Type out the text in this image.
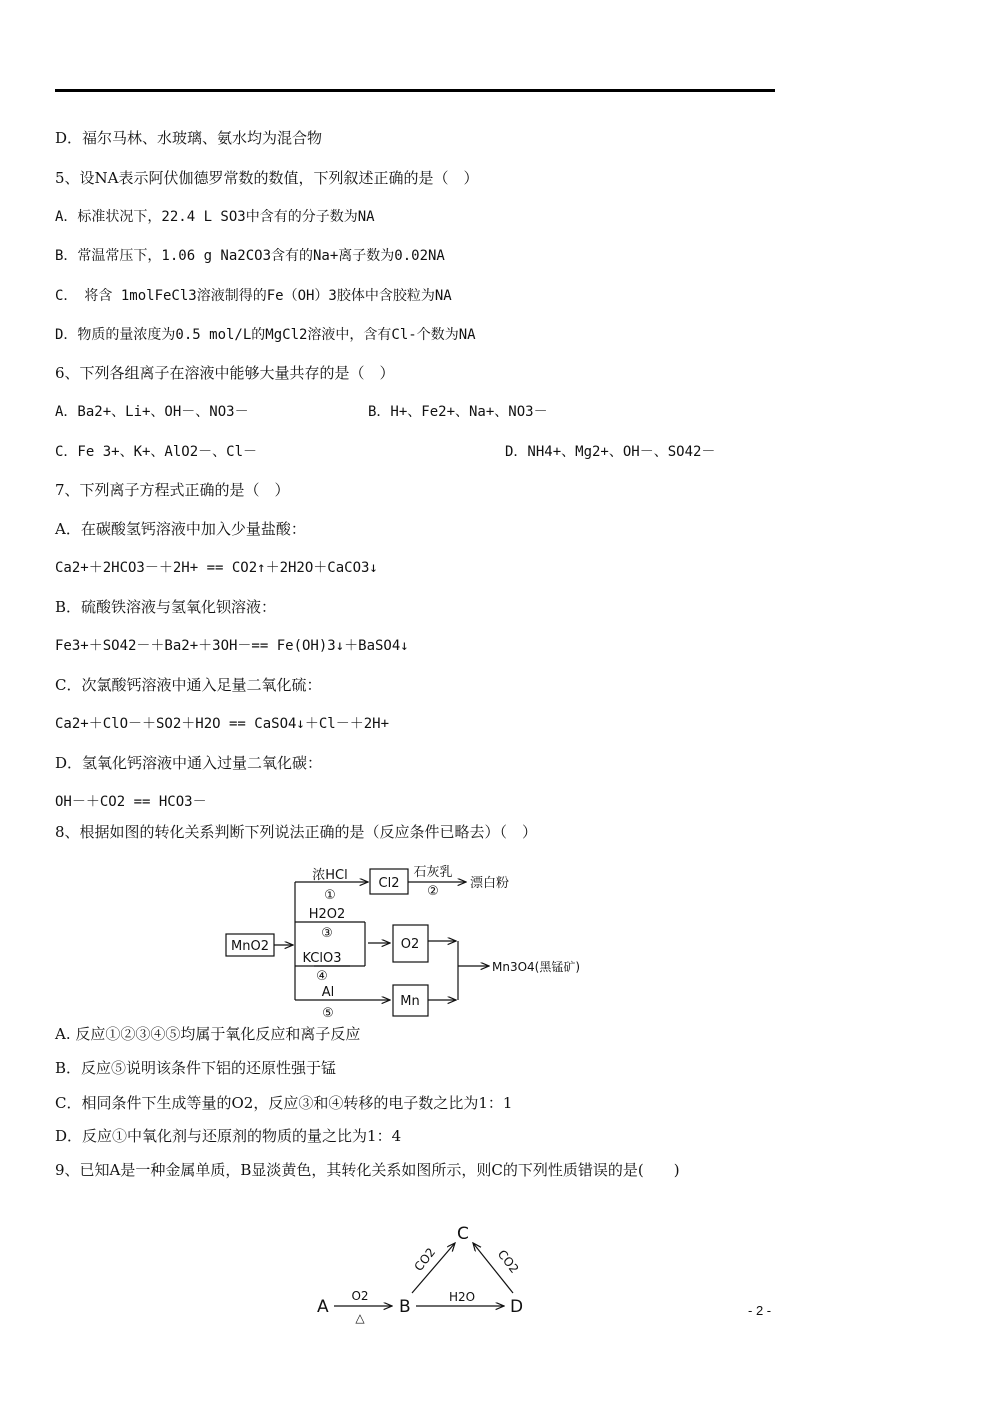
D．福尔马林、水玻璃、氨水均为混合物
5、设NA表示阿伏伽德罗常数的数值，下列叙述正确的是（　）
A．标准状况下，22.4 L SO3中含有的分子数为NA
B．常温常压下，1.06 g Na2CO3含有的Na+离子数为0.02NA
C．　将含 1molFeCl3溶液制得的Fe（OH）3胶体中含胶粒为NA
D．物质的量浓度为0.5 mol/L的MgCl2溶液中，含有Cl-个数为NA
6、下列各组离子在溶液中能够大量共存的是（　）
A．Ba2+、Li+、OH－、NO3－	B．H+、Fe2+、Na+、NO3－
C．Fe 3+、K+、AlO2－、Cl－	D．NH4+、Mg2+、OH－、SO42－
7、下列离子方程式正确的是（　）
A．在碳酸氢钙溶液中加入少量盐酸：
Ca2+＋2HCO3－＋2H+ == CO2↑＋2H2O＋CaCO3↓
B．硫酸铁溶液与氢氧化钡溶液：
Fe3+＋SO42－＋Ba2+＋3OH－== Fe(OH)3↓＋BaSO4↓
C．次氯酸钙溶液中通入足量二氧化硫：
Ca2+＋ClO－＋SO2＋H2O == CaSO4↓＋Cl－＋2H+
D．氢氧化钙溶液中通入过量二氧化碳：
OH－＋CO2 == HCO3－
8、根据如图的转化关系判断下列说法正确的是（反应条件已略去）（　）
MnO2
Cl2
O2
Mn
Mn3O4(黑锰矿)
漂白粉
浓HCl
①
石灰乳
②
H2O2
③
KClO3
④
Al
⑤
A. 反应①②③④⑤均属于氧化反应和离子反应
B．反应⑤说明该条件下铝的还原性强于锰
C．相同条件下生成等量的O2，反应③和④转移的电子数之比为1：1
D．反应①中氧化剂与还原剂的物质的量之比为1：4
9、已知A是一种金属单质，B显淡黄色，其转化关系如图所示，则C的下列性质错误的是(　　)
A	B
C
D
O2
△
H2O
CO2	CO2
- 2 -
